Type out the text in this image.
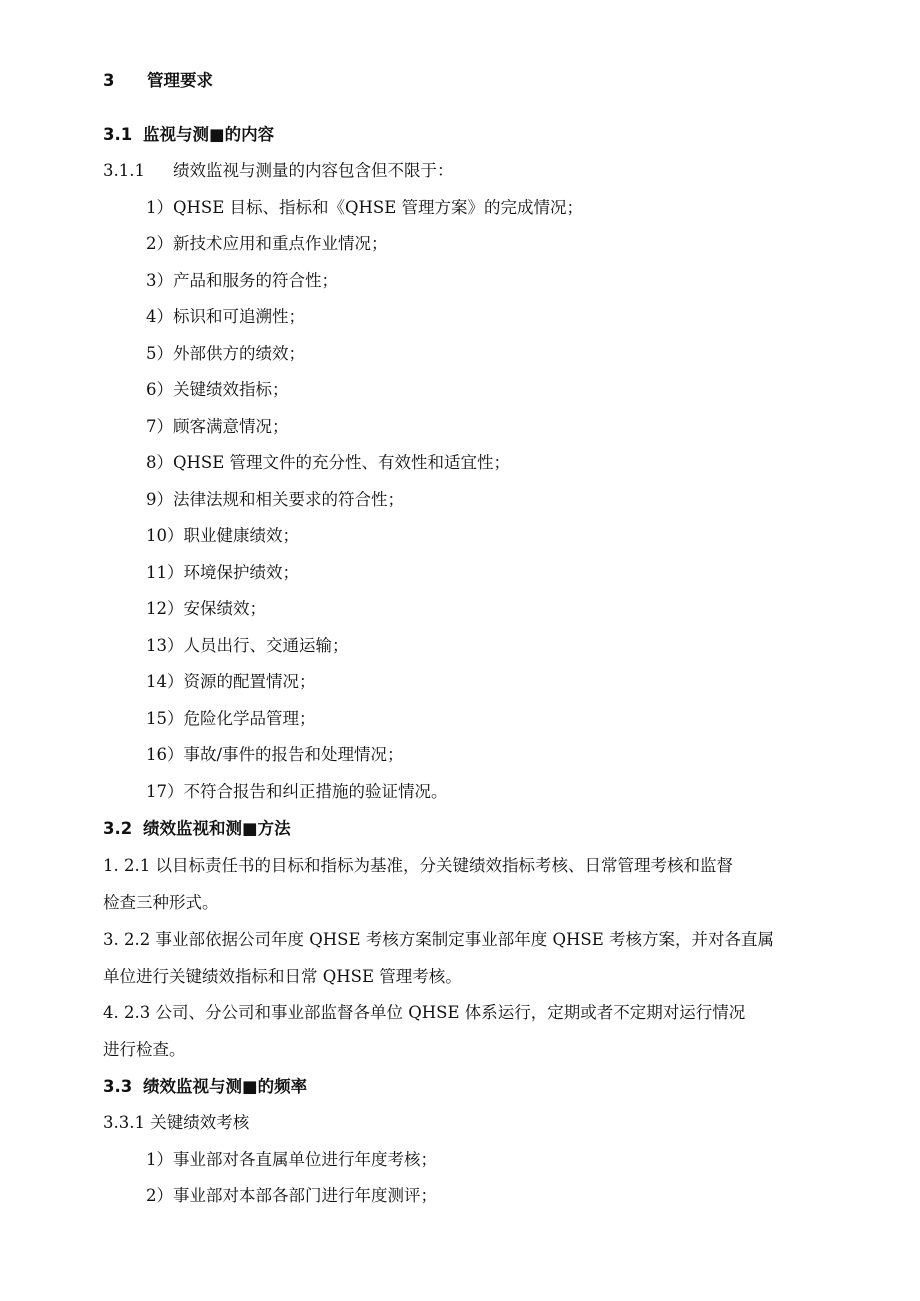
3 管理要求
3.1 监视与测■的内容
3.1.1 绩效监视与测量的内容包含但不限于：
1）QHSE 目标、指标和《QHSE 管理方案》的完成情况；
2）新技术应用和重点作业情况；
3）产品和服务的符合性；
4）标识和可追溯性；
5）外部供方的绩效；
6）关键绩效指标；
7）顾客满意情况；
8）QHSE 管理文件的充分性、有效性和适宜性；
9）法律法规和相关要求的符合性；
10）职业健康绩效；
11）环境保护绩效；
12）安保绩效；
13）人员出行、交通运输；
14）资源的配置情况；
15）危险化学品管理；
16）事故/事件的报告和处理情况；
17）不符合报告和纠正措施的验证情况。
3.2 绩效监视和测■方法
1. 2.1 以目标责任书的目标和指标为基准，分关键绩效指标考核、日常管理考核和监督
检查三种形式。
3. 2.2 事业部依据公司年度 QHSE 考核方案制定事业部年度 QHSE 考核方案，并对各直属
单位进行关键绩效指标和日常 QHSE 管理考核。
4. 2.3 公司、分公司和事业部监督各单位 QHSE 体系运行，定期或者不定期对运行情况
进行检查。
3.3 绩效监视与测■的频率
3.3.1 关键绩效考核
1）事业部对各直属单位进行年度考核；
2）事业部对本部各部门进行年度测评；
